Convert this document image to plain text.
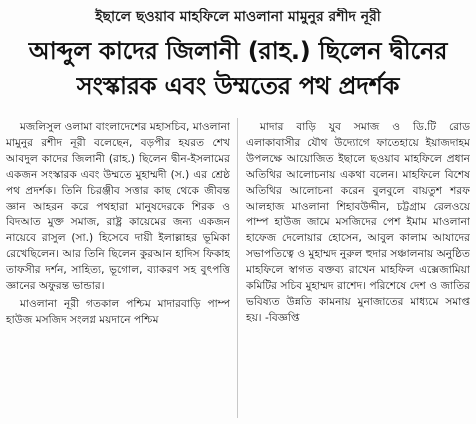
ইছালে ছওয়াব মাহফিলে মাওলানা মামুনুর রশীদ নূরী
আব্দুল কাদের জিলানী (রাহ.) ছিলেন দ্বীনের
সংস্কারক এবং উম্মতের পথ প্রদর্শক

মজলিসুল ওলামা বাংলাদেশের মহাসচিব, মাওলানা মামুনুর রশীদ নূরী বলেছেন, বড়পীর হযরত শেখ আবদুল কাদের জিলানী (রাহ.) ছিলেন দ্বীন-ইসলামের একজন সংস্কারক এবং উম্মতে মুহাম্মদী (স.) এর শ্রেষ্ঠ পথ প্রদর্শক। তিনি চিরঞ্জীব সত্তার কাছ থেকে জীবন্ত জ্ঞান আহরন করে পথহারা মানুষদেরকে শিরক ও বিদআত মুক্ত সমাজ, রাষ্ট্র কায়েমের জন্য একজন নায়েবে রাসুল (সা.) হিসেবে দায়ী ইলাল্লাহর ভূমিকা রেখেছিলেন। আর তিনি ছিলেন কুরআন হাদিস ফিকাহ তাফসীর দর্শন, সাহিত্য, ভূগোল, ব্যাকরণ সহ বুৎপত্তি জ্ঞানের অফুরন্ত ভান্ডার।

মাওলানা নূরী গতকাল পশ্চিম মাদারবাড়ি পাম্প হাউজ মসজিদ সংলগ্ন ময়দানে পশ্চিম

মাদার বাড়ি যুব সমাজ ও ডি.টি রোড এলাকাবাসীর যৌথ উদ্যোগে ফাতেহায়ে ইয়াজদাহম উপলক্ষে আয়োজিত ইছালে ছওয়াব মাহফিলে প্রধান অতিথির আলোচনায় একথা বলেন। মাহফিলে বিশেষ অতিথির আলোচনা করেন বুলবুলে বায়তুশ শরফ আলহাজ মাওলানা শিহাবউদ্দীন, চট্টগ্রাম রেলওয়ে পাম্প হাউজ জামে মসজিদের পেশ ইমাম মাওলানা হাফেজ দেলোয়ার হোসেন, আবুল কালাম আযাদের সভাপতিত্বে ও মুহাম্মদ নুরুল হুদার সঞ্চালনায় অনুষ্ঠিত মাহফিলে স্বাগত বক্তব্য রাখেন মাহফিল এক্সেজামিয়া কমিটির সচিব মুহাম্মদ রাশেদ। পরিশেষে দেশ ও জাতির ভবিষ্যত উন্নতি কামনায় মুনাজাতের মাধ্যমে সমাপ্ত হয়। -বিজ্ঞপ্তি
